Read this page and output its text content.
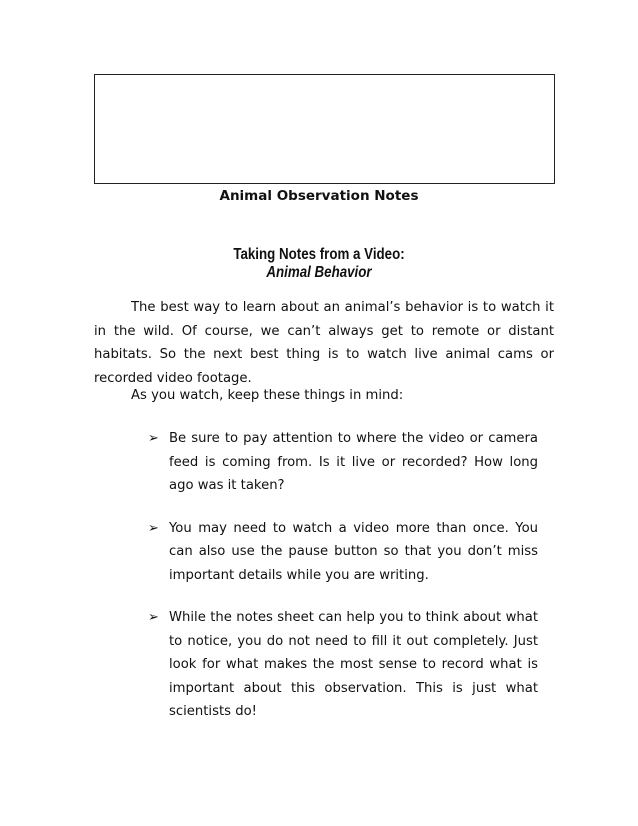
Animal Observation Notes
Taking Notes from a Video:
Animal Behavior

The best way to learn about an animal’s behavior is to watch it in the wild. Of course, we can’t always get to remote or distant habitats. So the next best thing is to watch live animal cams or recorded video footage.

As you watch, keep these things in mind:

➢ Be sure to pay attention to where the video or camera feed is coming from. Is it live or recorded? How long ago was it taken?
➢ You may need to watch a video more than once. You can also use the pause button so that you don’t miss important details while you are writing.
➢ While the notes sheet can help you to think about what to notice, you do not need to fill it out completely. Just look for what makes the most sense to record what is important about this observation. This is just what scientists do!
